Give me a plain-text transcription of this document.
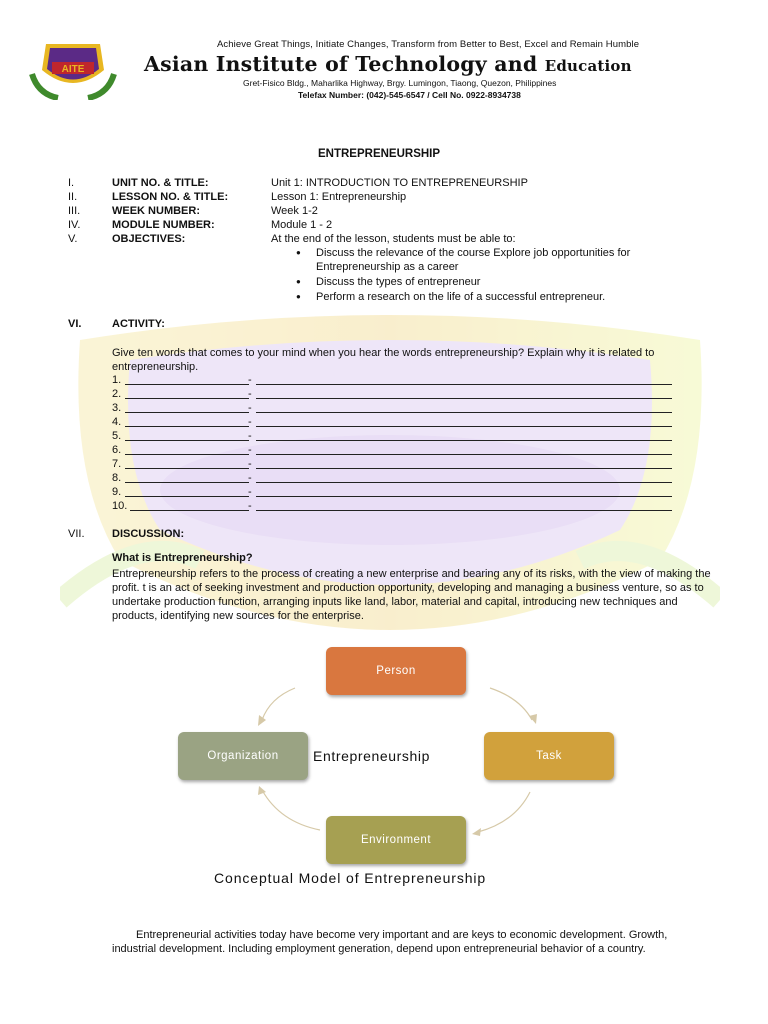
AITE
Achieve Great Things, Initiate Changes, Transform from Better to Best, Excel and Remain Humble
Asian Institute of Technology and Education
Gret-Fisico Bldg., Maharlika Highway, Brgy. Lumingon, Tiaong, Quezon, Philippines
Telefax Number: (042)-545-6547 / Cell No. 0922-8934738
ENTREPRENEURSHIP
I.	UNIT NO. & TITLE:	Unit 1: INTRODUCTION TO ENTREPRENEURSHIP
II.	LESSON NO. & TITLE:	Lesson 1: Entrepreneurship
III.	WEEK NUMBER:	Week 1-2
IV.	MODULE NUMBER:	Module 1 - 2
V.	OBJECTIVES:	At the end of the lesson, students must be able to:
● Discuss the relevance of the course Explore job opportunities for Entrepreneurship as a career
● Discuss the types of entrepreneur
● Perform a research on the life of a successful entrepreneur.
VI.	ACTIVITY:
Give ten words that comes to your mind when you hear the words entrepreneurship? Explain why it is related to entrepreneurship.
1.	-
2.	-
3.	-
4.	-
5.	-
6.	-
7.	-
8.	-
9.	-
10.	-
VII. DISCUSSION:
What is Entrepreneurship?
Entrepreneurship refers to the process of creating a new enterprise and bearing any of its risks, with the view of making the profit. t is an act of seeking investment and production opportunity, developing and managing a business venture, so as to undertake production function, arranging inputs like land, labor, material and capital, introducing new techniques and products, identifying new sources for the enterprise.
Person
Task
Environment
Organization	Entrepreneurship
Conceptual Model of Entrepreneurship
Entrepreneurial activities today have become very important and are keys to economic development. Growth, industrial development. Including employment generation, depend upon entrepreneurial behavior of a country.
